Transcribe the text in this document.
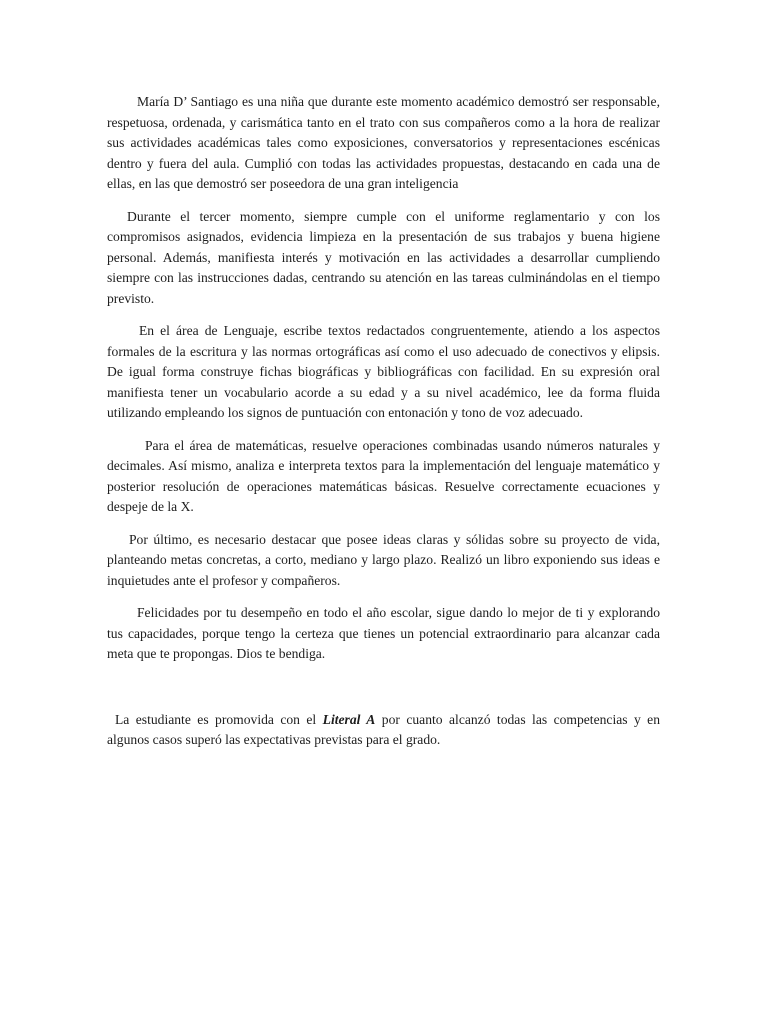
María D’ Santiago es una niña que durante este momento académico demostró ser responsable, respetuosa, ordenada, y carismática tanto en el trato con sus compañeros como a la hora de realizar sus actividades académicas tales como exposiciones, conversatorios y representaciones escénicas dentro y fuera del aula. Cumplió con todas las actividades propuestas, destacando en cada una de ellas, en las que demostró ser poseedora de una gran inteligencia

Durante el tercer momento, siempre cumple con el uniforme reglamentario y con los compromisos asignados, evidencia limpieza en la presentación de sus trabajos y buena higiene personal. Además, manifiesta interés y motivación en las actividades a desarrollar cumpliendo siempre con las instrucciones dadas, centrando su atención en las tareas culminándolas en el tiempo previsto.

En el área de Lenguaje, escribe textos redactados congruentemente, atiendo a los aspectos formales de la escritura y las normas ortográficas así como el uso adecuado de conectivos y elipsis. De igual forma construye fichas biográficas y bibliográficas con facilidad. En su expresión oral manifiesta tener un vocabulario acorde a su edad y a su nivel académico, lee da forma fluida utilizando empleando los signos de puntuación con entonación y tono de voz adecuado.

Para el área de matemáticas, resuelve operaciones combinadas usando números naturales y decimales. Así mismo, analiza e interpreta textos para la implementación del lenguaje matemático y posterior resolución de operaciones matemáticas básicas. Resuelve correctamente ecuaciones y despeje de la X.

Por último, es necesario destacar que posee ideas claras y sólidas sobre su proyecto de vida, planteando metas concretas, a corto, mediano y largo plazo. Realizó un libro exponiendo sus ideas e inquietudes ante el profesor y compañeros.

Felicidades por tu desempeño en todo el año escolar, sigue dando lo mejor de ti y explorando tus capacidades, porque tengo la certeza que tienes un potencial extraordinario para alcanzar cada meta que te propongas. Dios te bendiga.

La estudiante es promovida con el Literal A por cuanto alcanzó todas las competencias y en algunos casos superó las expectativas previstas para el grado.
